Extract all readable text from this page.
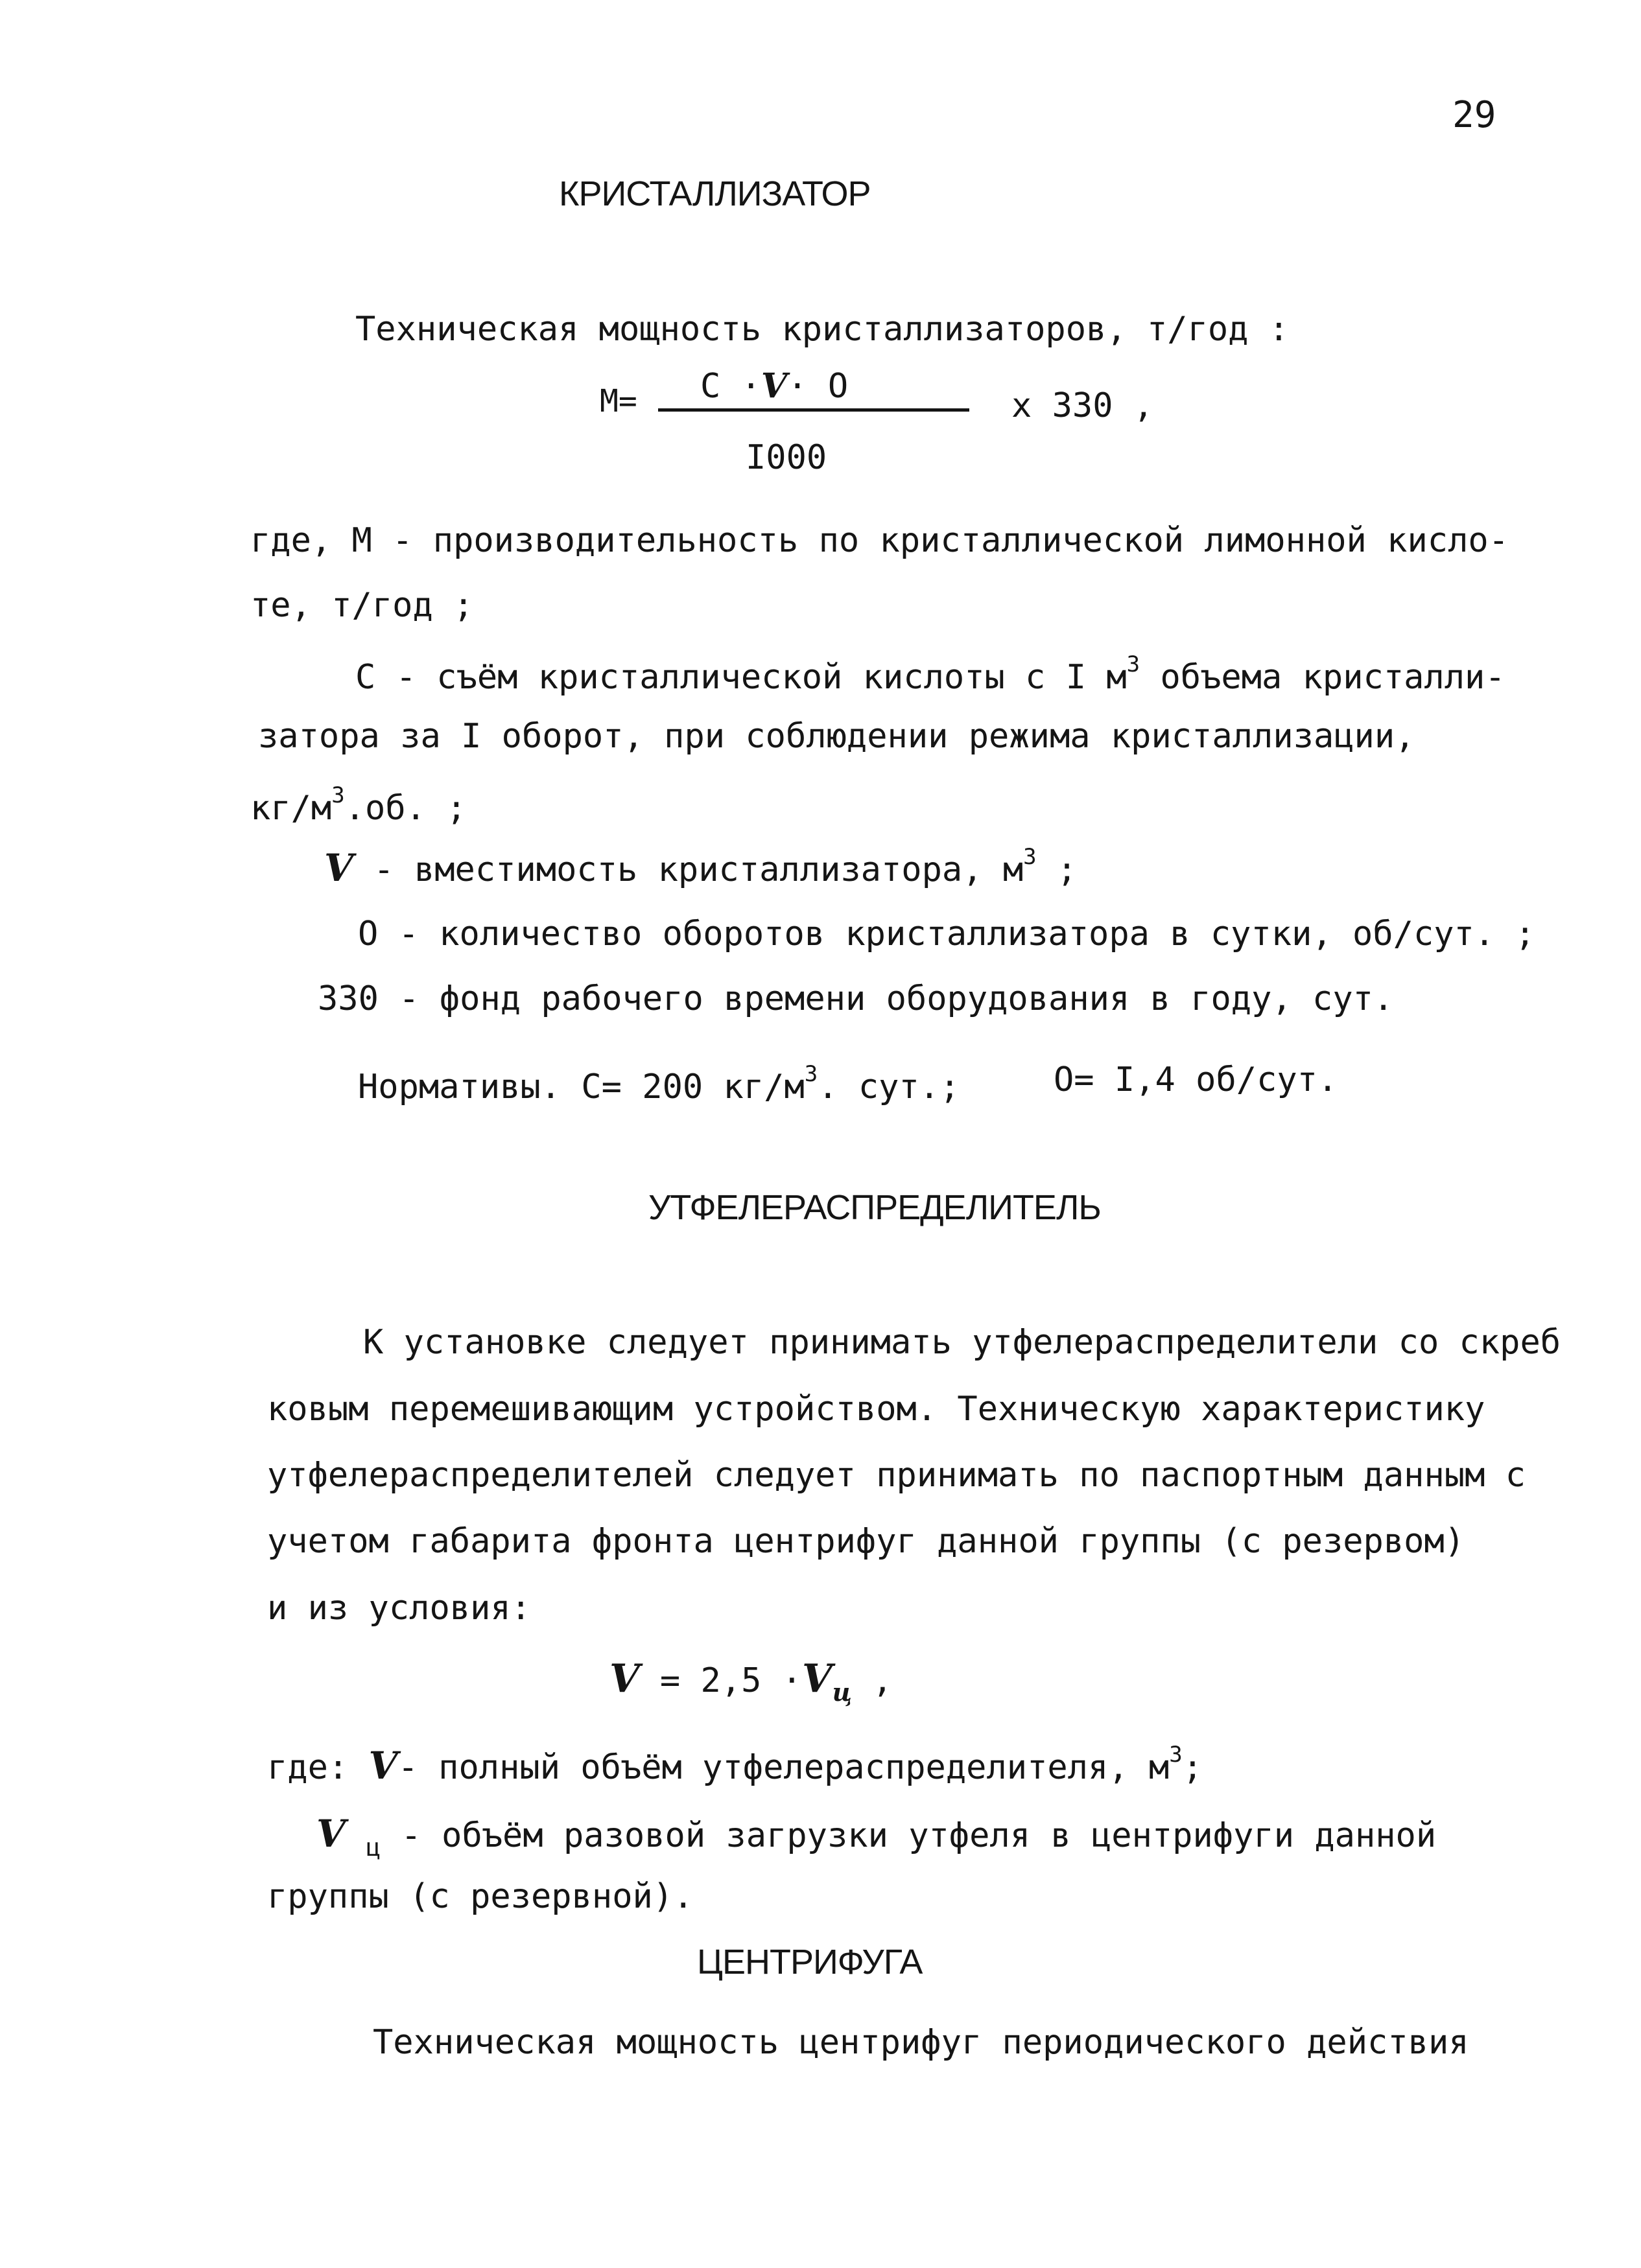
29
КРИСТАЛЛИЗАТОР
Техническая мощность кристаллизаторов, т/год :
М= С ·V· О
I000
х 330 ,
где, М - производительность по кристаллической лимонной кисло-
те, т/год ;
С - съём кристаллической кислоты с I $м^3$ объема кристалли-
затора за I оборот, при соблюдении режима кристаллизации,
$кг/м^3.об$. ;
V - вместимость кристаллизатора, $м^3$ ;
О - количество оборотов кристаллизатора в сутки, об/сут. ;
330 - фонд рабочего времени оборудования в году, сут.
Нормативы. С= 200 $кг/м^3$. сут.;	О= I,4 об/сут.
УТФЕЛЕРАСПРЕДЕЛИТЕЛЬ
К установке следует принимать утфелераспределители со скреб
ковым перемешивающим устройством. Техническую характеристику
утфелераспределителей следует принимать по паспортным данным с
учетом габарита фронта центрифуг данной группы (с резервом)
и из условия:
$V = 2,5 \cdot V_ц$ ,
где: V- полный объём утфелераспределителя, $м^3$;
V $_ц$ - объём разовой загрузки утфеля в центрифуги данной
группы (с резервной).
ЦЕНТРИФУГА
Техническая мощность центрифуг периодического действия
